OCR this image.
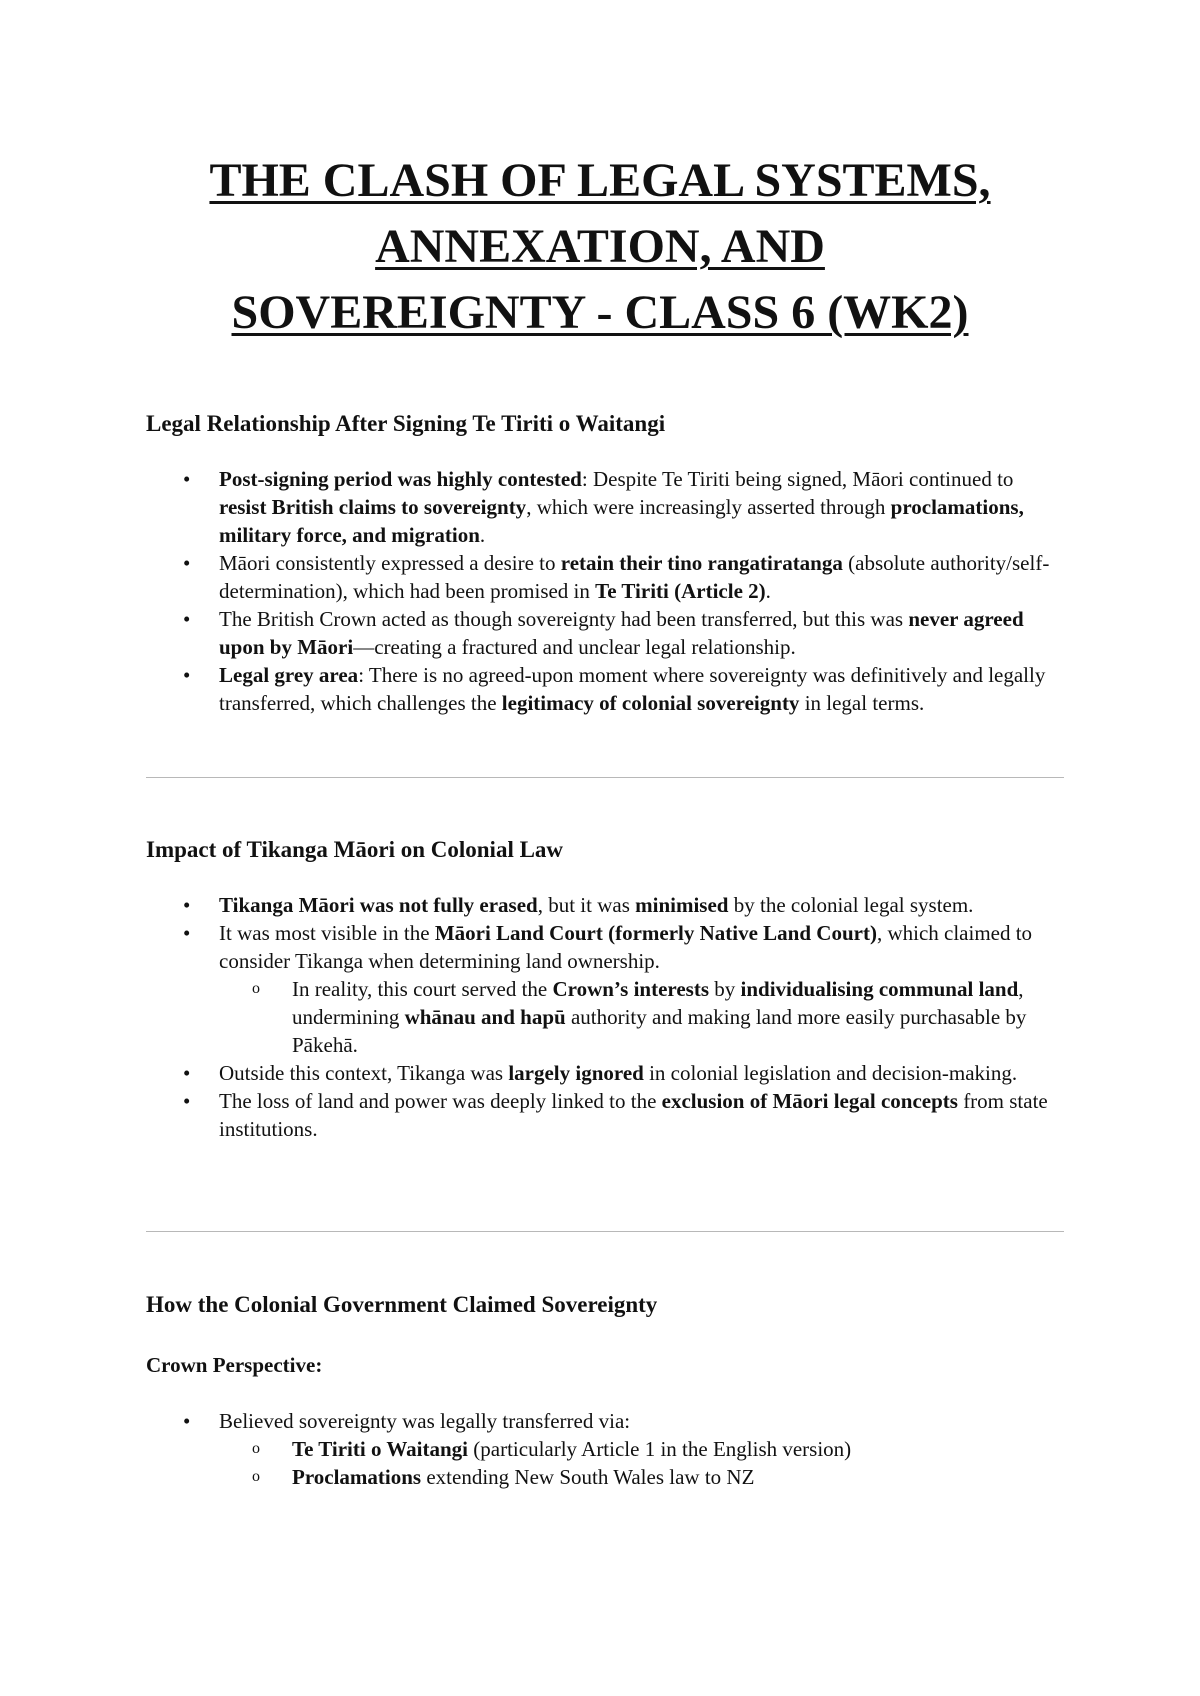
THE CLASH OF LEGAL SYSTEMS,
ANNEXATION, AND
SOVEREIGNTY - CLASS 6 (WK2)
Legal Relationship After Signing Te Tiriti o Waitangi
• Post-signing period was highly contested: Despite Te Tiriti being signed, Māori continued to resist British claims to sovereignty, which were increasingly asserted through proclamations, military force, and migration.
• Māori consistently expressed a desire to retain their tino rangatiratanga (absolute authority/self-determination), which had been promised in Te Tiriti (Article 2).
• The British Crown acted as though sovereignty had been transferred, but this was never agreed upon by Māori—creating a fractured and unclear legal relationship.
• Legal grey area: There is no agreed-upon moment where sovereignty was definitively and legally transferred, which challenges the legitimacy of colonial sovereignty in legal terms.
Impact of Tikanga Māori on Colonial Law
• Tikanga Māori was not fully erased, but it was minimised by the colonial legal system.
• It was most visible in the Māori Land Court (formerly Native Land Court), which claimed to consider Tikanga when determining land ownership.
o In reality, this court served the Crown’s interests by individualising communal land, undermining whānau and hapū authority and making land more easily purchasable by Pākehā.
• Outside this context, Tikanga was largely ignored in colonial legislation and decision-making.
• The loss of land and power was deeply linked to the exclusion of Māori legal concepts from state institutions.
How the Colonial Government Claimed Sovereignty
Crown Perspective:
• Believed sovereignty was legally transferred via:
o Te Tiriti o Waitangi (particularly Article 1 in the English version)
o Proclamations extending New South Wales law to NZ
